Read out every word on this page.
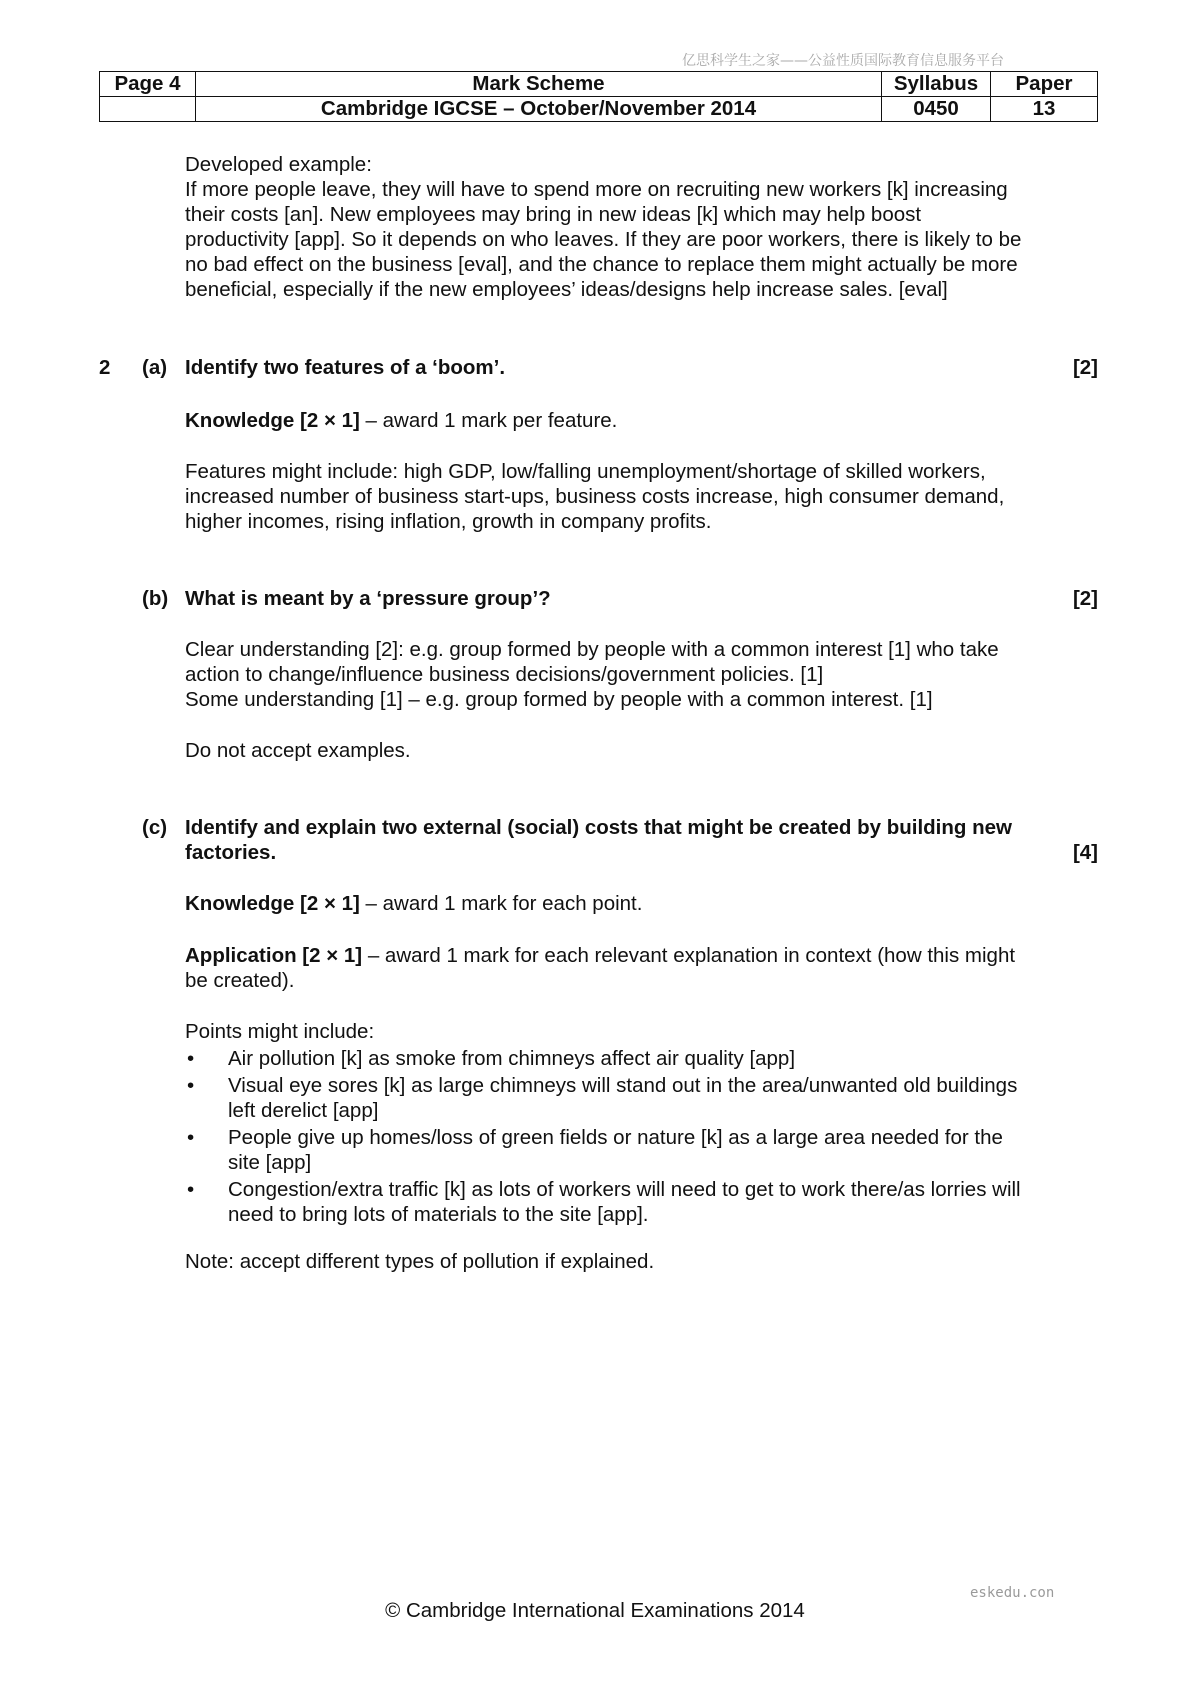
亿思科学生之家——公益性质国际教育信息服务平台
Page 4	Mark Scheme	Syllabus	Paper
	Cambridge IGCSE – October/November 2014	0450	13
Developed example:
If more people leave, they will have to spend more on recruiting new workers [k] increasing
their costs [an]. New employees may bring in new ideas [k] which may help boost
productivity [app]. So it depends on who leaves. If they are poor workers, there is likely to be
no bad effect on the business [eval], and the chance to replace them might actually be more
beneficial, especially if the new employees’ ideas/designs help increase sales. [eval]
2 (a) Identify two features of a ‘boom’.	[2]
Knowledge [2 × 1] – award 1 mark per feature.
Features might include: high GDP, low/falling unemployment/shortage of skilled workers,
increased number of business start-ups, business costs increase, high consumer demand,
higher incomes, rising inflation, growth in company profits.
(b) What is meant by a ‘pressure group’?	[2]
Clear understanding [2]: e.g. group formed by people with a common interest [1] who take
action to change/influence business decisions/government policies. [1]
Some understanding [1] – e.g. group formed by people with a common interest. [1]
Do not accept examples.
(c) Identify and explain two external (social) costs that might be created by building new
factories.	[4]
Knowledge [2 × 1] – award 1 mark for each point.
Application [2 × 1] – award 1 mark for each relevant explanation in context (how this might
be created).
Points might include:
• Air pollution [k] as smoke from chimneys affect air quality [app]
• Visual eye sores [k] as large chimneys will stand out in the area/unwanted old buildings
left derelict [app]
• People give up homes/loss of green fields or nature [k] as a large area needed for the
site [app]
• Congestion/extra traffic [k] as lots of workers will need to get to work there/as lorries will
need to bring lots of materials to the site [app].
Note: accept different types of pollution if explained.
eskedu.con
© Cambridge International Examinations 2014
